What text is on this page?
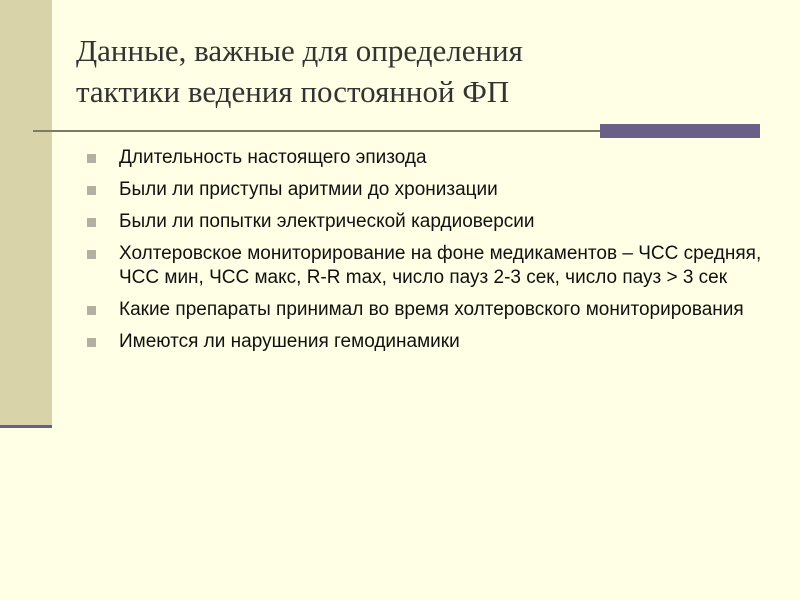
Данные, важные для определения
тактики ведения постоянной ФП
Длительность настоящего эпизода
Были ли приступы аритмии до хронизации
Были ли попытки электрической кардиоверсии
Холтеровское мониторирование на фоне медикаментов – ЧСС средняя, ЧСС мин, ЧСС макс, R-R max, число пауз 2-3 сек, число пауз > 3 сек
Какие препараты принимал во время холтеровского мониторирования
Имеются ли нарушения гемодинамики
